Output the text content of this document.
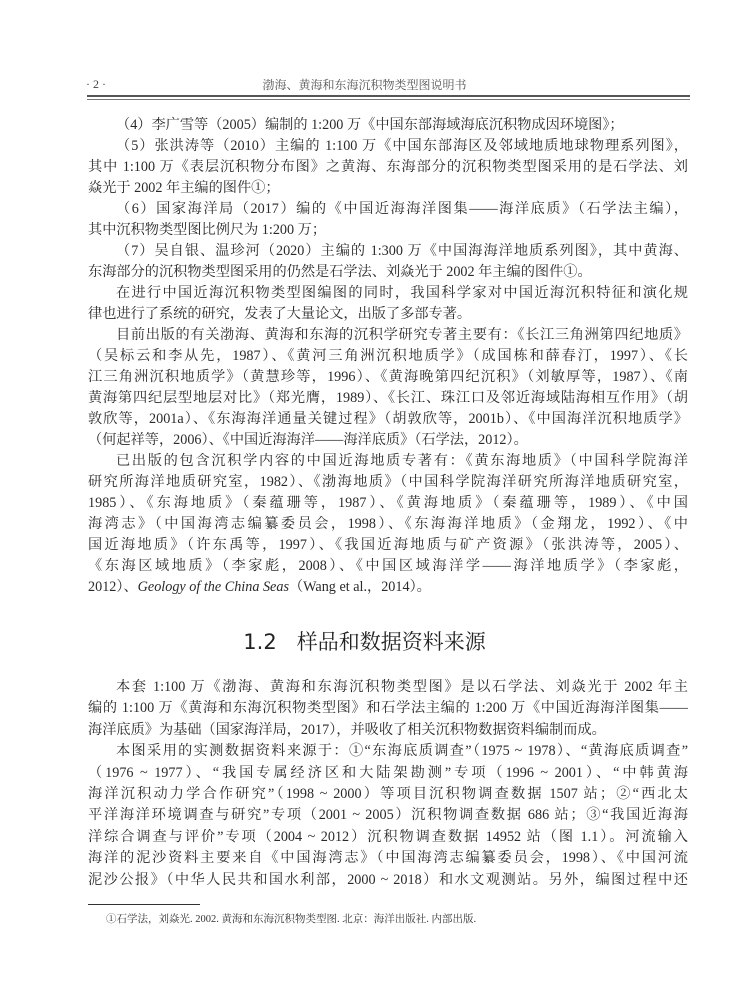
· 2 ·	渤海、黄海和东海沉积物类型图说明书
（4）李广雪等（2005）编制的 1:200 万《中国东部海域海底沉积物成因环境图》；
（5）张洪涛等（2010）主编的 1:100 万《中国东部海区及邻域地质地球物理系列图》，
其中 1:100 万《表层沉积物分布图》之黄海、东海部分的沉积物类型图采用的是石学法、刘
焱光于 2002 年主编的图件①；
（6）国家海洋局（2017）编的《中国近海海洋图集——海洋底质》（石学法主编），
其中沉积物类型图比例尺为 1:200 万；
（7）吴自银、温珍河（2020）主编的 1:300 万《中国海海洋地质系列图》，其中黄海、
东海部分的沉积物类型图采用的仍然是石学法、刘焱光于 2002 年主编的图件①。
在进行中国近海沉积物类型图编图的同时，我国科学家对中国近海沉积特征和演化规
律也进行了系统的研究，发表了大量论文，出版了多部专著。
目前出版的有关渤海、黄海和东海的沉积学研究专著主要有：《长江三角洲第四纪地质》
（吴标云和李从先，1987）、《黄河三角洲沉积地质学》（成国栋和薛春汀，1997）、《长
江三角洲沉积地质学》（黄慧珍等，1996）、《黄海晚第四纪沉积》（刘敏厚等，1987）、《南
黄海第四纪层型地层对比》（郑光膺，1989）、《长江、珠江口及邻近海域陆海相互作用》（胡
敦欣等，2001a）、《东海海洋通量关键过程》（胡敦欣等，2001b）、《中国海洋沉积地质学》
（何起祥等，2006）、《中国近海海洋——海洋底质》（石学法，2012）。
已出版的包含沉积学内容的中国近海地质专著有：《黄东海地质》（中国科学院海洋
研究所海洋地质研究室，1982）、《渤海地质》（中国科学院海洋研究所海洋地质研究室，
1985）、《东海地质》（秦蕴珊等，1987）、《黄海地质》（秦蕴珊等，1989）、《中国
海湾志》（中国海湾志编纂委员会，1998）、《东海海洋地质》（金翔龙，1992）、《中
国近海地质》（许东禹等，1997）、《我国近海地质与矿产资源》（张洪涛等，2005）、
《东海区域地质》（李家彪，2008）、《中国区域海洋学——海洋地质学》（李家彪，
2012）、Geology of the China Seas（Wang et al.，2014）。
1.2 样品和数据资料来源
本套 1:100 万《渤海、黄海和东海沉积物类型图》是以石学法、刘焱光于 2002 年主
编的 1:100 万《黄海和东海沉积物类型图》和石学法主编的 1:200 万《中国近海海洋图集——
海洋底质》为基础（国家海洋局，2017），并吸收了相关沉积物数据资料编制而成。
本图采用的实测数据资料来源于：①“东海底质调查”（1975 ~ 1978）、“黄海底质调查”
（1976 ~ 1977）、“我国专属经济区和大陆架勘测”专项（1996 ~ 2001）、“中韩黄海
海洋沉积动力学合作研究”（1998 ~ 2000）等项目沉积物调查数据 1507 站；②“西北太
平洋海洋环境调查与研究”专项（2001 ~ 2005）沉积物调查数据 686 站；③“我国近海海
洋综合调查与评价”专项（2004 ~ 2012）沉积物调查数据 14952 站（图 1.1）。河流输入
海洋的泥沙资料主要来自《中国海湾志》（中国海湾志编纂委员会，1998）、《中国河流
泥沙公报》（中华人民共和国水利部，2000 ~ 2018）和水文观测站。另外，编图过程中还
①石学法，刘焱光. 2002. 黄海和东海沉积物类型图. 北京：海洋出版社. 内部出版.
